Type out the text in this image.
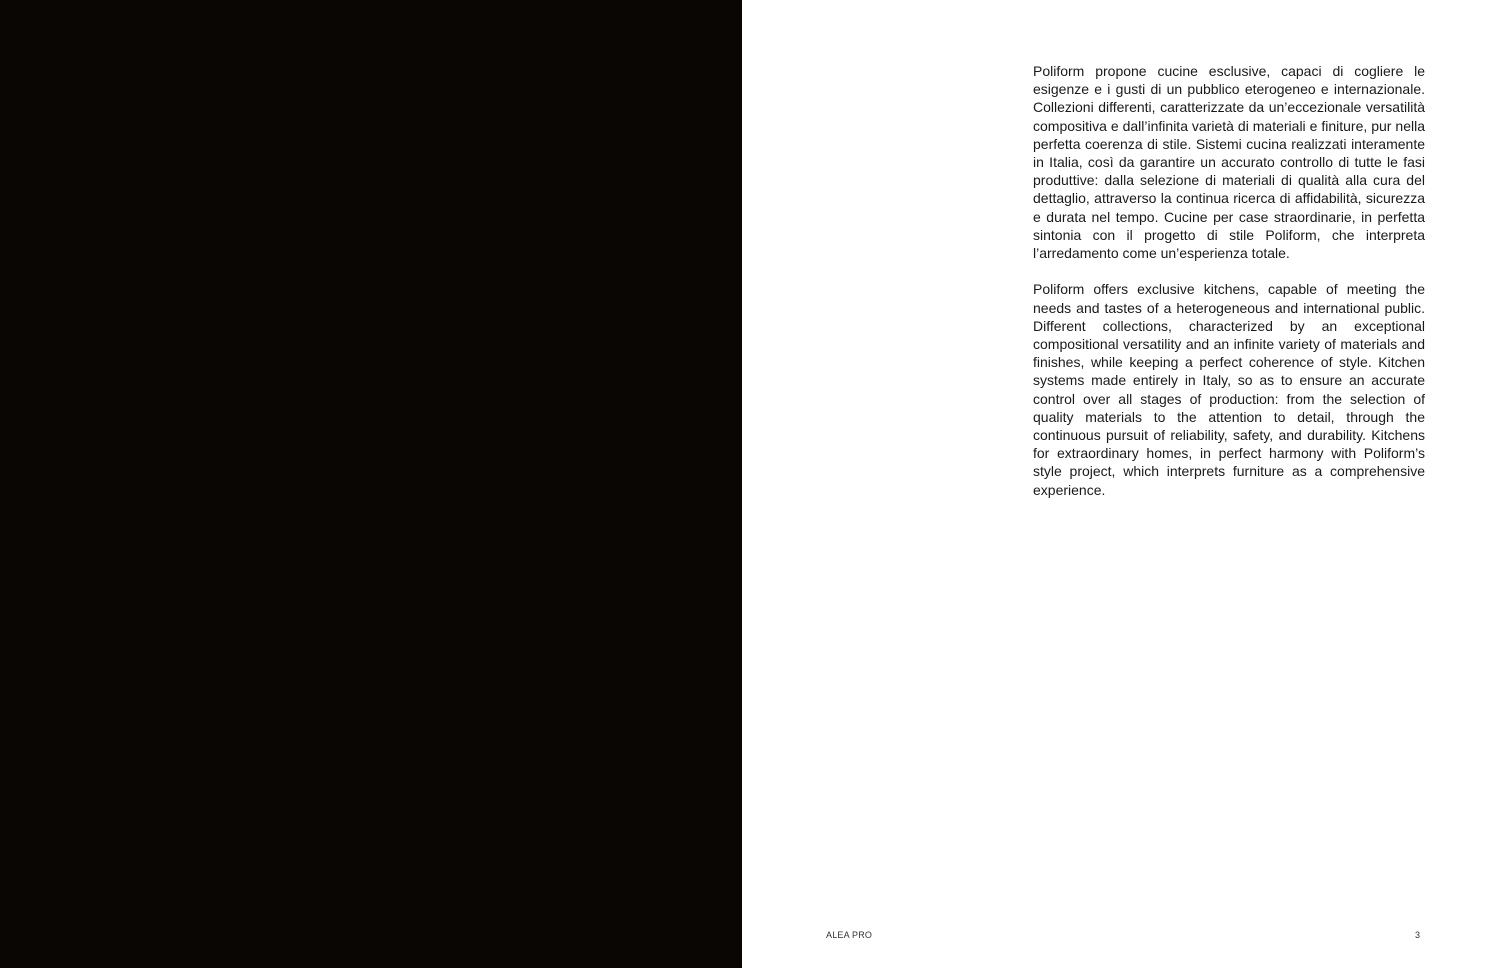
Poliform propone cucine esclusive, capaci di cogliere le esigenze e i gusti di un pubblico eterogeneo e internazionale. Collezioni differenti, caratterizzate da un’eccezionale versatilità compositiva e dall’infinita varietà di materiali e finiture, pur nella perfetta coerenza di stile. Sistemi cucina realizzati interamente in Italia, così da garantire un accurato controllo di tutte le fasi produttive: dalla selezione di materiali di qualità alla cura del dettaglio, attraverso la continua ricerca di affidabilità, sicurezza e durata nel tempo. Cucine per case straordinarie, in perfetta sintonia con il progetto di stile Poliform, che interpreta l’arredamento come un’esperienza totale.

Poliform offers exclusive kitchens, capable of meeting the needs and tastes of a heterogeneous and international public. Different collections, characterized by an exceptional compositional versatility and an infinite variety of materials and finishes, while keeping a perfect coherence of style. Kitchen systems made entirely in Italy, so as to ensure an accurate control over all stages of production: from the selection of quality materials to the attention to detail, through the continuous pursuit of reliability, safety, and durability. Kitchens for extraordinary homes, in perfect harmony with Poliform’s style project, which interprets furniture as a comprehensive experience.

ALEA PRO	3
